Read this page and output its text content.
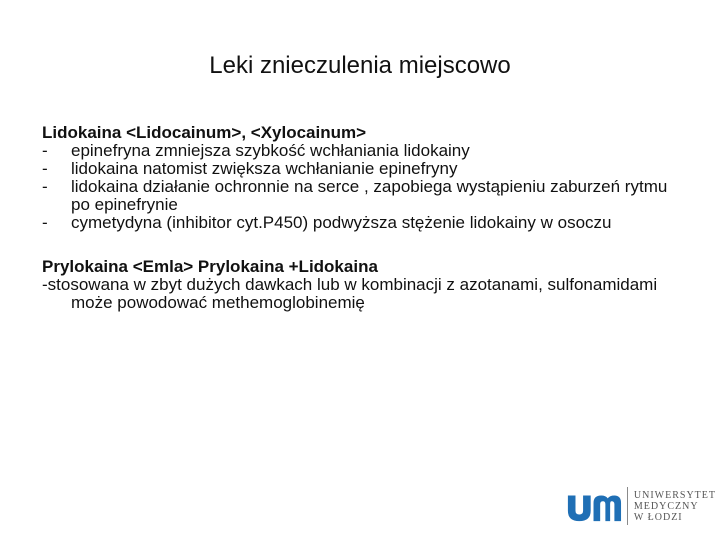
Leki znieczulenia miejscowo
Lidokaina <Lidocainum>, <Xylocainum>
-	epinefryna zmniejsza szybkość wchłaniania lidokainy
-	lidokaina natomist zwiększa wchłanianie epinefryny
-	lidokaina działanie ochronnie na serce , zapobiega wystąpieniu zaburzeń rytmu po epinefrynie
-	cymetydyna (inhibitor cyt.P450) podwyższa stężenie lidokainy w osoczu
Prylokaina <Emla> Prylokaina +Lidokaina
-stosowana w zbyt dużych dawkach lub w kombinacji z azotanami, sulfonamidami może powodować methemoglobinemię
UNIWERSYTET
MEDYCZNY
W ŁODZI
